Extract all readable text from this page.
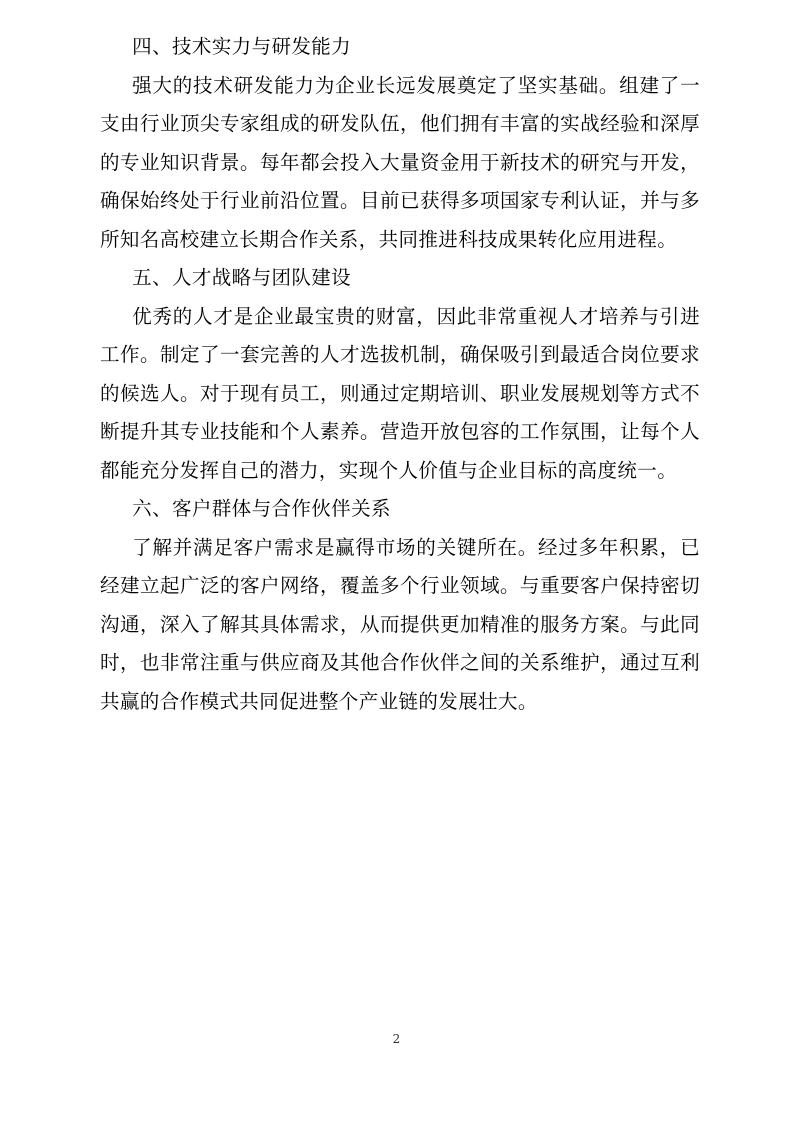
四、技术实力与研发能力

强大的技术研发能力为企业长远发展奠定了坚实基础。组建了一支由行业顶尖专家组成的研发队伍，他们拥有丰富的实战经验和深厚的专业知识背景。每年都会投入大量资金用于新技术的研究与开发，确保始终处于行业前沿位置。目前已获得多项国家专利认证，并与多所知名高校建立长期合作关系，共同推进科技成果转化应用进程。

五、人才战略与团队建设

优秀的人才是企业最宝贵的财富，因此非常重视人才培养与引进工作。制定了一套完善的人才选拔机制，确保吸引到最适合岗位要求的候选人。对于现有员工，则通过定期培训、职业发展规划等方式不断提升其专业技能和个人素养。营造开放包容的工作氛围，让每个人都能充分发挥自己的潜力，实现个人价值与企业目标的高度统一。

六、客户群体与合作伙伴关系

了解并满足客户需求是赢得市场的关键所在。经过多年积累，已经建立起广泛的客户网络，覆盖多个行业领域。与重要客户保持密切沟通，深入了解其具体需求，从而提供更加精准的服务方案。与此同时，也非常注重与供应商及其他合作伙伴之间的关系维护，通过互利共赢的合作模式共同促进整个产业链的发展壮大。

2
